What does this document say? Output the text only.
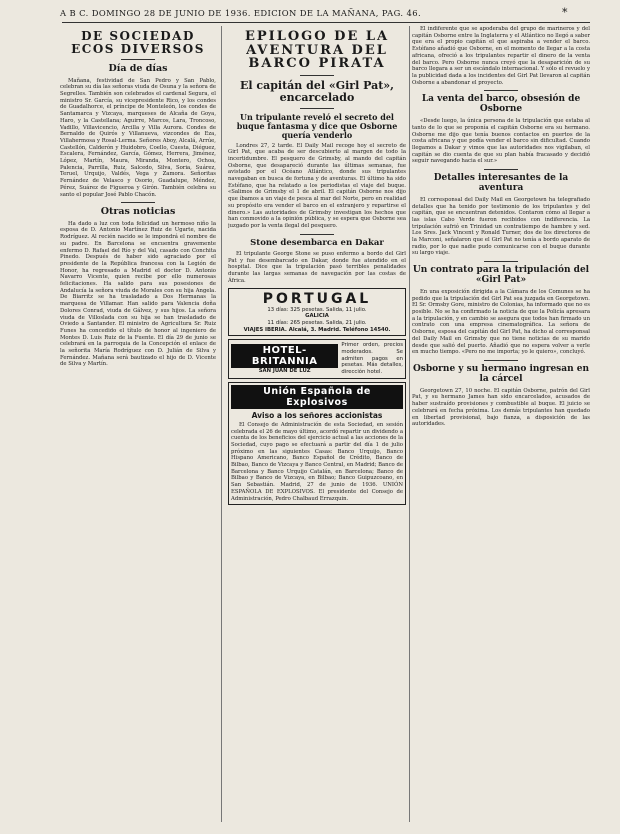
A B C. DOMINGO 28 DE JUNIO DE 1936. EDICION DE LA MAÑANA, PAG. 46.	*
DE SOCIEDAD ECOS DIVERSOS
Día de días

Mañana, festividad de San Pedro y San Pablo, celebran su día las señoras viuda de Osuna y la señora de Segrelles. También son celebrados el cardenal Segura, el ministro Sr. García, su vicepresidente Rico, y los condes de Guadalhorce, el príncipe de Monteleón, los condes de Santamarca y Vizcaya, marqueses de Alcaña de Goya, Haro, y la Castellana; Aguirre, Marcos, Lara, Troncoso, Vadillo, Villavicencio, Arcilla y Villa Aurora. Condes de Bernaldo de Quirós y Villanueva, vizcondes de Eza, Villahermosa y Rosal-Lerma. Señores Aboy, Alcalá, Arrúe, Castellón, Calderón y Huidobro, Coello, Cuesta, Diéguez, Escalera, Fernández, García, Gómez, Herrera, Jiménez, López, Martín, Maura, Miranda, Montero, Ochoa, Palencia, Parrilla, Ruiz, Salcedo, Silva, Soria, Suárez, Teruel, Urquijo, Valdés, Vega y Zamora. Señoritas Fernández de Velasco y Osorio, Guadalupe, Méndez, Pérez, Suárez de Figueroa y Girón. También celebra su santo el popular José Pablo Chacón.

Otras noticias

Ha dado a luz con toda felicidad un hermoso niño la esposa de D. Antonio Martínez Ruiz de Ugarte, nacida Rodríguez. Al recién nacido se le impondrá el nombre de su padre. En Barcelona se encuentra gravemente enfermo D. Rafael del Río y del Val, casado con Conchita Pinedo. Después de haber sido agraciado por el presidente de la República francesa con la Legión de Honor, ha regresado a Madrid el doctor D. Antonio Navarro Vicente, quien recibe por ello numerosas felicitaciones. Ha salido para sus posesiones de Andalucía la señora viuda de Morales con su hija Angela. De Biarritz se ha trasladado a Dos Hermanas la marquesa de Villamar. Han salido para Valencia doña Dolores Conrad, viuda de Gálvez, y sus hijos. La señora viuda de Villoslada con su hija se han trasladado de Oviedo a Santander. El ministro de Agricultura Sr. Ruiz Funes ha concedido el título de honor al ingeniero de Montes D. Luis Ruiz de la Fuente. El día 29 de junio se celebrará en la parroquia de la Concepción el enlace de la señorita María Rodríguez con D. Julián de Silva y Fernández. Mañana será bautizado el hijo de D. Vicente de Silva y Martín.

EPILOGO DE LA AVENTURA DEL BARCO PIRATA
El capitán del «Girl Pat», encarcelado
Un tripulante reveló el secreto del buque fantasma y dice que Osborne quería venderlo

Londres 27, 2 tarde. El Daily Mail recoge hoy el secreto de Girl Pat, que acaba de ser descubierto al margen de todo la incertidumbre. El pesquero de Grimsby, al mando del capitán Osborne, que desapareció durante las últimas semanas, fue avistado por el Océano Atlántico, donde sus tripulantes navegaban en busca de fortuna y de aventuras. El último ha sido Estéfano, que ha relatado a los periodistas el viaje del buque. «Salimos de Grimsby el 1 de abril. El capitán Osborne nos dijo que íbamos a un viaje de pesca al mar del Norte, pero en realidad su propósito era vender el barco en el extranjero y repartirse el dinero.» Las autoridades de Grimsby investigan los hechos que han conmovido a la opinión pública, y se espera que Osborne sea juzgado por la venta ilegal del pesquero.

Stone desembarca en Dakar

El tripulante George Stone se puso enfermo a bordo del Girl Pat y fue desembarcado en Dakar, donde fue atendido en el hospital. Dice que la tripulación pasó terribles penalidades durante las largas semanas de navegación por las costas de África.

PORTUGAL
13 días: 325 pesetas. Salida, 11 julio.
GALICIA
11 días: 265 pesetas. Salida, 21 julio.
VIAJES IBERIA. Alcalá, 3. Madrid. Teléfono 14540.
HOTEL-BRITANNIA
SAN JUAN DE LUZ
Primer orden, precios moderados. Se admiten pagos en pesetas. Más detalles, dirección hotel.
Unión Española de Explosivos
Aviso a los señores accionistas

El Consejo de Administración de esta Sociedad, en sesión celebrada el 26 de mayo último, acordó repartir un dividendo a cuenta de los beneficios del ejercicio actual a las acciones de la Sociedad, cuyo pago se efectuará a partir del día 1 de julio próximo en las siguientes Casas: Banco Urquijo, Banco Hispano Americano, Banco Español de Crédito, Banco de Bilbao, Banco de Vizcaya y Banco Central, en Madrid; Banco de Barcelona y Banco Urquijo Catalán, en Barcelona; Banco de Bilbao y Banco de Vizcaya, en Bilbao; Banco Guipuzcoano, en San Sebastián. Madrid, 27 de junio de 1936. UNIÓN ESPAÑOLA DE EXPLOSIVOS. El presidente del Consejo de Administración, Pedro Chalbaud Errazquin.

El indiferente que se apoderaba del grupo de marineros y del capitán Osborne entre la Inglaterra y el Atlántico no llegó a saber que era el propio capitán el que aspiraba a vender el barco. Estéfano añadió que Osborne, en el momento de llegar a la costa africana, ofreció a los tripulantes repartir el dinero de la venta del barco. Pero Osborne nunca creyó que la desaparición de su barco llegara a ser un escándalo internacional. Y sólo el revuelo y la publicidad dada a los incidentes del Girl Pat llevaron al capitán Osborne a abandonar el proyecto.

La venta del barco, obsesión de Osborne

«Desde luego, la única persona de la tripulación que estaba al tanto de lo que se proponía el capitán Osborne era su hermano. Osborne me dijo que tenía buenos contactos en puertos de la costa africana y que podía vender el barco sin dificultad. Cuando llegamos a Dakar y vimos que las autoridades nos vigilaban, el capitán se dio cuenta de que su plan había fracasado y decidió seguir navegando hacia el sur.»

Detalles interesantes de la aventura

El corresponsal del Daily Mail en Georgetown ha telegrafiado detalles que ha tenido por testimonio de los tripulantes y del capitán, que se encuentran detenidos. Contaron cómo al llegar a las islas Cabo Verde fueron recibidos con indiferencia. La tripulación sufrió en Trinidad un contratiempo de hambre y sed. Los Sres. Jack Vincent y Ronald Turner, dos de los directores de la Marconi, señalaron que el Girl Pat no tenía a bordo aparato de radio, por lo que nadie pudo comunicarse con el buque durante su largo viaje.

Un contrato para la tripulación del «Girl Pat»

En una exposición dirigida a la Cámara de los Comunes se ha pedido que la tripulación del Girl Pat sea juzgada en Georgetown. El Sr. Ormsby Gore, ministro de Colonias, ha informado que no es posible. No se ha confirmado la noticia de que la Policía apresara a la tripulación, y en cambio se asegura que todos han firmado un contrato con una empresa cinematográfica. La señora de Osborne, esposa del capitán del Girl Pat, ha dicho al corresponsal del Daily Mail en Grimsby que no tiene noticias de su marido desde que salió del puerto. Añadió que no espera volver a verle en mucho tiempo. «Pero no me importa; yo le quiero», concluyó.

Osborne y su hermano ingresan en la cárcel

Georgetown 27, 10 noche. El capitán Osborne, patrón del Girl Pat, y su hermano James han sido encarcelados, acusados de haber sustraído provisiones y combustible al buque. El juicio se celebrará en fecha próxima. Los demás tripulantes han quedado en libertad provisional, bajo fianza, a disposición de las autoridades.
